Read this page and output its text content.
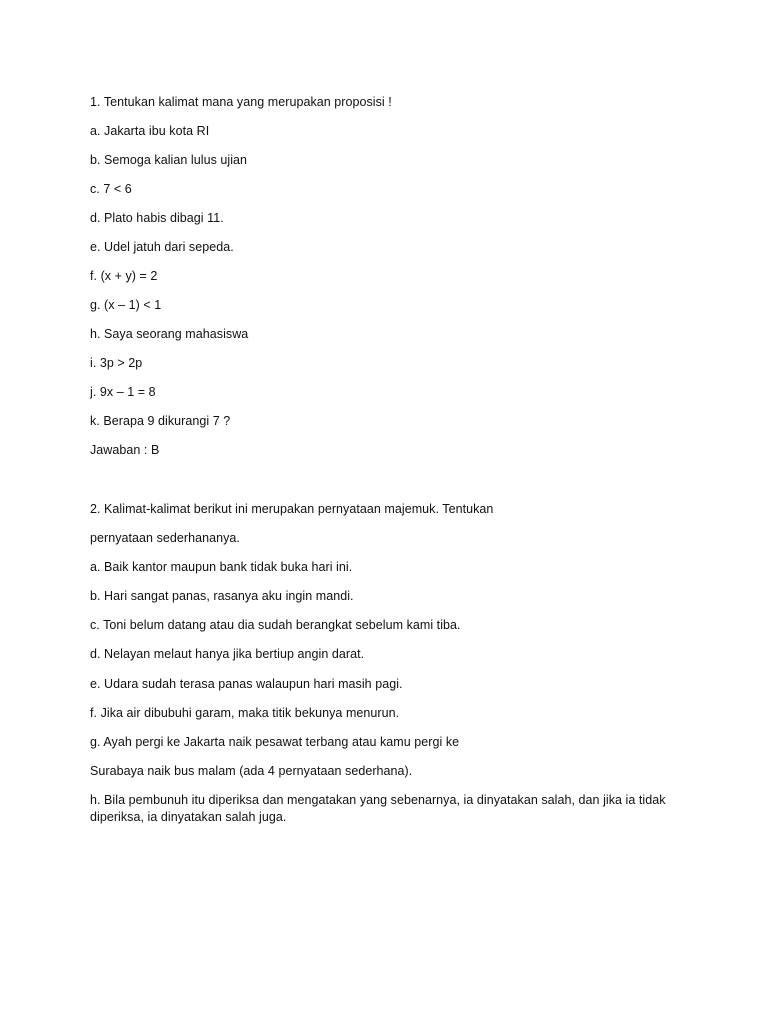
1. Tentukan kalimat mana yang merupakan proposisi !
a. Jakarta ibu kota RI
b. Semoga kalian lulus ujian
c. 7 < 6
d. Plato habis dibagi 11.
e. Udel jatuh dari sepeda.
f. (x + y) = 2
g. (x – 1) < 1
h. Saya seorang mahasiswa
i. 3p > 2p
j. 9x – 1 = 8
k. Berapa 9 dikurangi 7 ?
Jawaban : B
2. Kalimat-kalimat berikut ini merupakan pernyataan majemuk. Tentukan
pernyataan sederhananya.
a. Baik kantor maupun bank tidak buka hari ini.
b. Hari sangat panas, rasanya aku ingin mandi.
c. Toni belum datang atau dia sudah berangkat sebelum kami tiba.
d. Nelayan melaut hanya jika bertiup angin darat.
e. Udara sudah terasa panas walaupun hari masih pagi.
f. Jika air dibubuhi garam, maka titik bekunya menurun.
g. Ayah pergi ke Jakarta naik pesawat terbang atau kamu pergi ke
Surabaya naik bus malam (ada 4 pernyataan sederhana).
h. Bila pembunuh itu diperiksa dan mengatakan yang sebenarnya, ia dinyatakan salah, dan jika ia tidak diperiksa, ia dinyatakan salah juga.
